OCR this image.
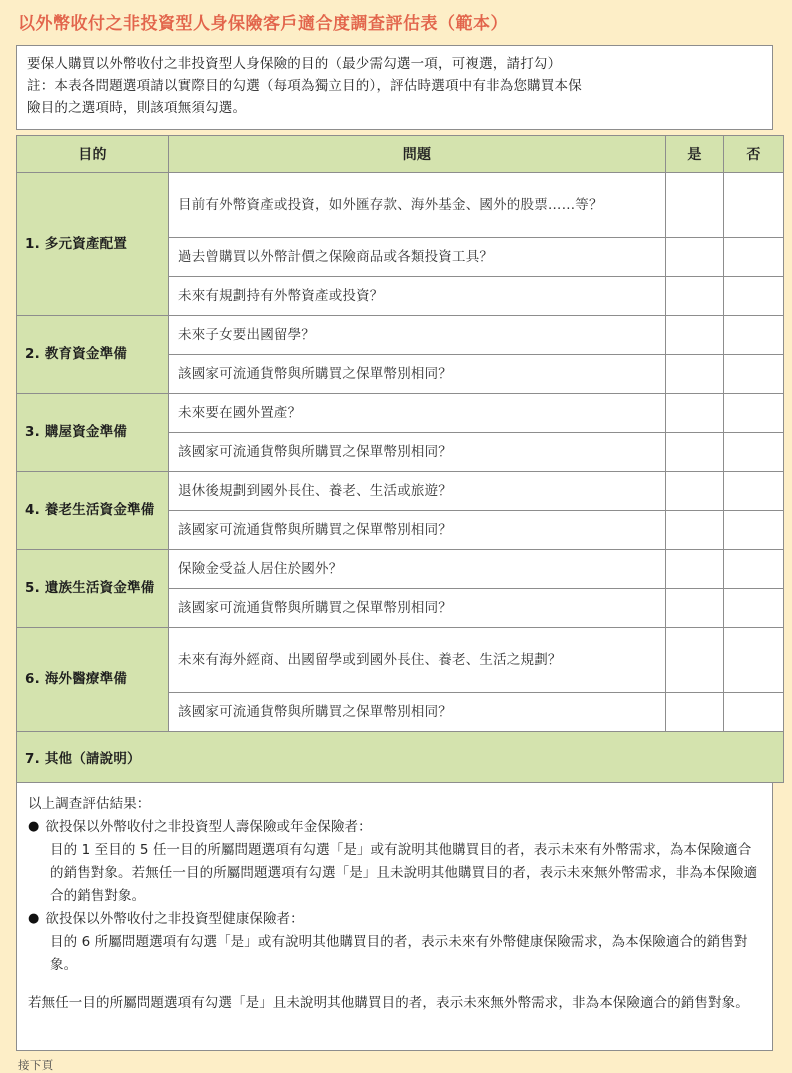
以外幣收付之非投資型人身保險客戶適合度調查評估表（範本）
要保人購買以外幣收付之非投資型人身保險的目的（最少需勾選一項，可複選，請打勾）
註：本表各問題選項請以實際目的勾選（每項為獨立目的），評估時選項中有非為您購買本保
險目的之選項時，則該項無須勾選。
目的	問題	是	否
1. 多元資產配置	目前有外幣資產或投資，如外匯存款、海外基金、國外的股票……等？		
	過去曾購買以外幣計價之保險商品或各類投資工具？		
	未來有規劃持有外幣資產或投資？		
2. 教育資金準備	未來子女要出國留學？		
	該國家可流通貨幣與所購買之保單幣別相同？		
3. 購屋資金準備	未來要在國外置產？		
	該國家可流通貨幣與所購買之保單幣別相同？		
4. 養老生活資金準備	退休後規劃到國外長住、養老、生活或旅遊？		
	該國家可流通貨幣與所購買之保單幣別相同？		
5. 遺族生活資金準備	保險金受益人居住於國外？		
	該國家可流通貨幣與所購買之保單幣別相同？		
6. 海外醫療準備	未來有海外經商、出國留學或到國外長住、養老、生活之規劃？		
	該國家可流通貨幣與所購買之保單幣別相同？		
7. 其他（請說明）			
以上調查評估結果：
● 欲投保以外幣收付之非投資型人壽保險或年金保險者：
目的 1 至目的 5 任一目的所屬問題選項有勾選「是」或有說明其他購買目的者，表示未來有外幣需求，為本保險適合的銷售對象。若無任一目的所屬問題選項有勾選「是」且未說明其他購買目的者，表示未來無外幣需求，非為本保險適合的銷售對象。
● 欲投保以外幣收付之非投資型健康保險者：
目的 6 所屬問題選項有勾選「是」或有說明其他購買目的者，表示未來有外幣健康保險需求，為本保險適合的銷售對象。
若無任一目的所屬問題選項有勾選「是」且未說明其他購買目的者，表示未來無外幣需求，非為本保險適合的銷售對象。
接下頁
